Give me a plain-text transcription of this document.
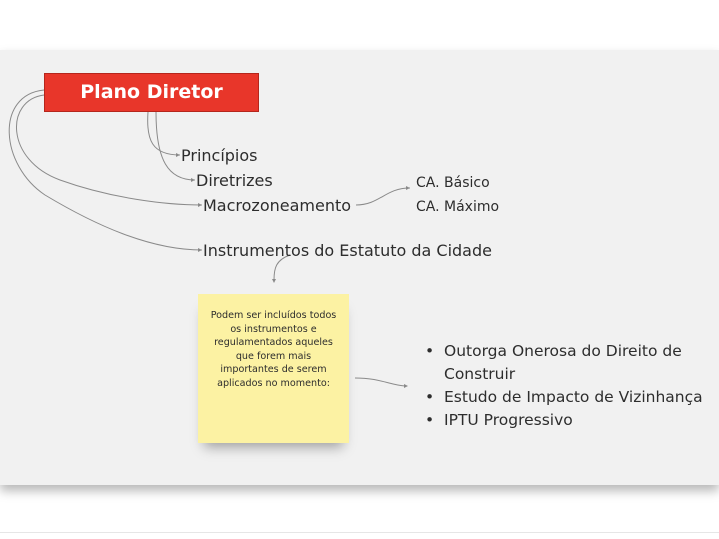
Plano Diretor
Princípios
Diretrizes
Macrozoneamento
Instrumentos do Estatuto da Cidade
CA. Básico
CA. Máximo
Podem ser incluídos todos os instrumentos e regulamentados aqueles que forem mais importantes de serem aplicados no momento:
• Outorga Onerosa do Direito de Construir
• Estudo de Impacto de Vizinhança
• IPTU Progressivo
